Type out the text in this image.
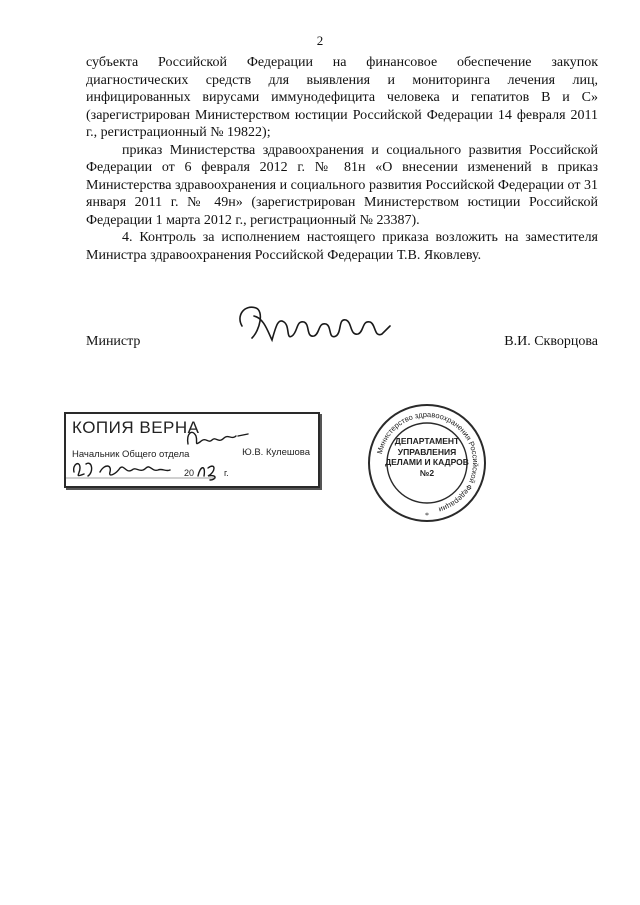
2

субъекта Российской Федерации на финансовое обеспечение закупок диагностических средств для выявления и мониторинга лечения лиц, инфицированных вирусами иммунодефицита человека и гепатитов В и С» (зарегистрирован Министерством юстиции Российской Федерации 14 февраля 2011 г., регистрационный № 19822);

приказ Министерства здравоохранения и социального развития Российской Федерации от 6 февраля 2012 г. № 81н «О внесении изменений в приказ Министерства здравоохранения и социального развития Российской Федерации от 31 января 2011 г. № 49н» (зарегистрирован Министерством юстиции Российской Федерации 1 марта 2012 г., регистрационный № 23387).

4. Контроль за исполнением настоящего приказа возложить на заместителя Министра здравоохранения Российской Федерации Т.В. Яковлеву.

Министр	В.И. Скворцова
КОПИЯ ВЕРНА
Начальник Общего отдела	Ю.В. Кулешова
20	г.
Министерство здравоохранения Российской Федерации
*
ДЕПАРТАМЕНТ
УПРАВЛЕНИЯ
ДЕЛАМИ И КАДРОВ
№2
